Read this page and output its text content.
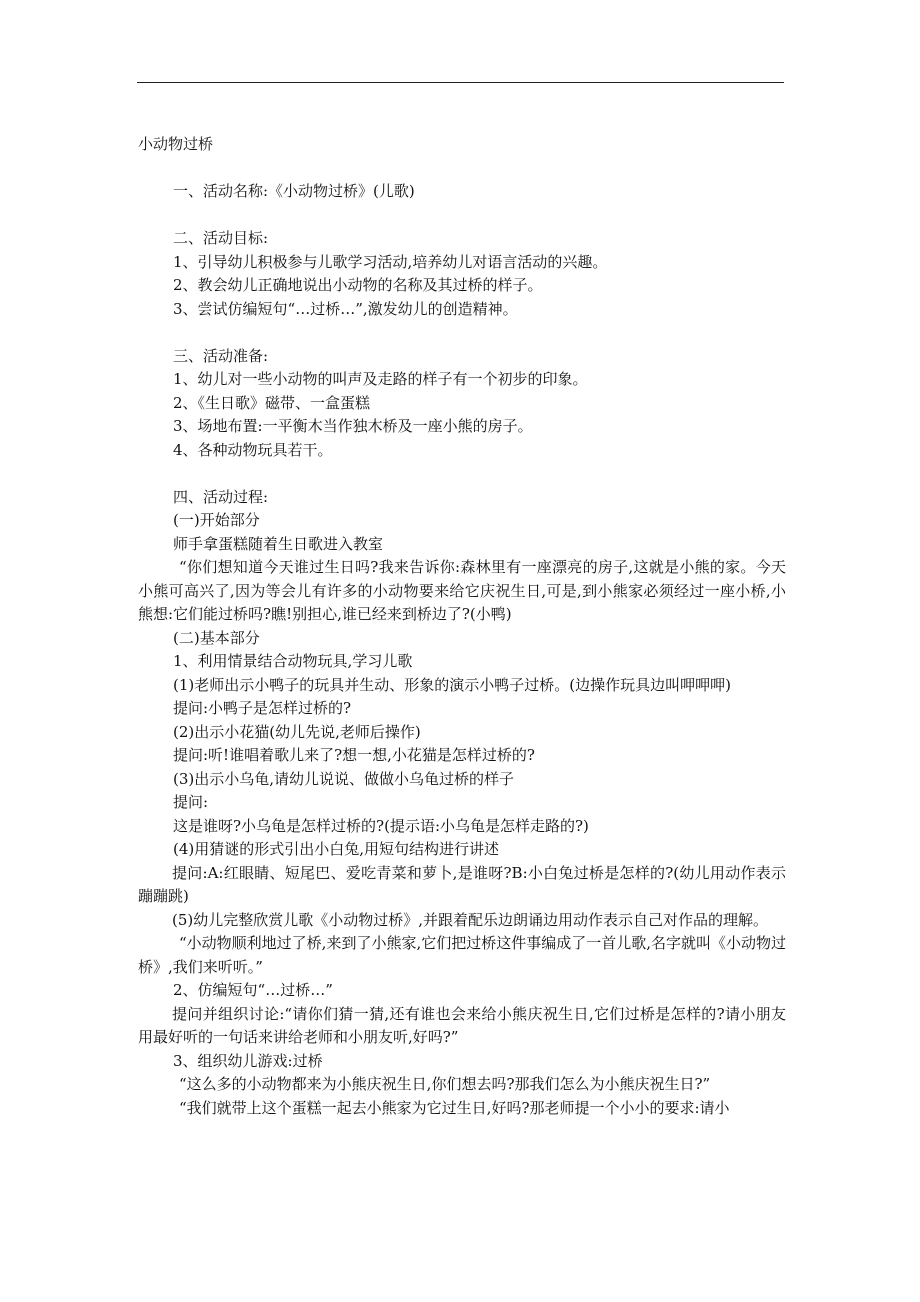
小动物过桥

一、活动名称:《小动物过桥》(儿歌)

二、活动目标:

1、引导幼儿积极参与儿歌学习活动,培养幼儿对语言活动的兴趣。

2、教会幼儿正确地说出小动物的名称及其过桥的样子。

3、尝试仿编短句“…过桥…”,激发幼儿的创造精神。

三、活动准备:

1、幼儿对一些小动物的叫声及走路的样子有一个初步的印象。

2、《生日歌》磁带、一盒蛋糕

3、场地布置:一平衡木当作独木桥及一座小熊的房子。

4、各种动物玩具若干。

四、活动过程:

(一)开始部分

师手拿蛋糕随着生日歌进入教室

“你们想知道今天谁过生日吗?我来告诉你:森林里有一座漂亮的房子,这就是小熊的家。今天小熊可高兴了,因为等会儿有许多的小动物要来给它庆祝生日,可是,到小熊家必须经过一座小桥,小熊想:它们能过桥吗?瞧!别担心,谁已经来到桥边了?(小鸭)

(二)基本部分

1、利用情景结合动物玩具,学习儿歌

(1)老师出示小鸭子的玩具并生动、形象的演示小鸭子过桥。(边操作玩具边叫呷呷呷)

提问:小鸭子是怎样过桥的?

(2)出示小花猫(幼儿先说,老师后操作)

提问:听!谁唱着歌儿来了?想一想,小花猫是怎样过桥的?

(3)出示小乌龟,请幼儿说说、做做小乌龟过桥的样子

提问:

这是谁呀?小乌龟是怎样过桥的?(提示语:小乌龟是怎样走路的?)

(4)用猜谜的形式引出小白兔,用短句结构进行讲述

提问:A:红眼睛、短尾巴、爱吃青菜和萝卜,是谁呀?B:小白兔过桥是怎样的?(幼儿用动作表示蹦蹦跳)

(5)幼儿完整欣赏儿歌《小动物过桥》,并跟着配乐边朗诵边用动作表示自己对作品的理解。

“小动物顺利地过了桥,来到了小熊家,它们把过桥这件事编成了一首儿歌,名字就叫《小动物过桥》,我们来听听。”

2、仿编短句“…过桥…”

提问并组织讨论:“请你们猜一猜,还有谁也会来给小熊庆祝生日,它们过桥是怎样的?请小朋友用最好听的一句话来讲给老师和小朋友听,好吗?”

3、组织幼儿游戏:过桥

“这么多的小动物都来为小熊庆祝生日,你们想去吗?那我们怎么为小熊庆祝生日?”

“我们就带上这个蛋糕一起去小熊家为它过生日,好吗?那老师提一个小小的要求:请小
